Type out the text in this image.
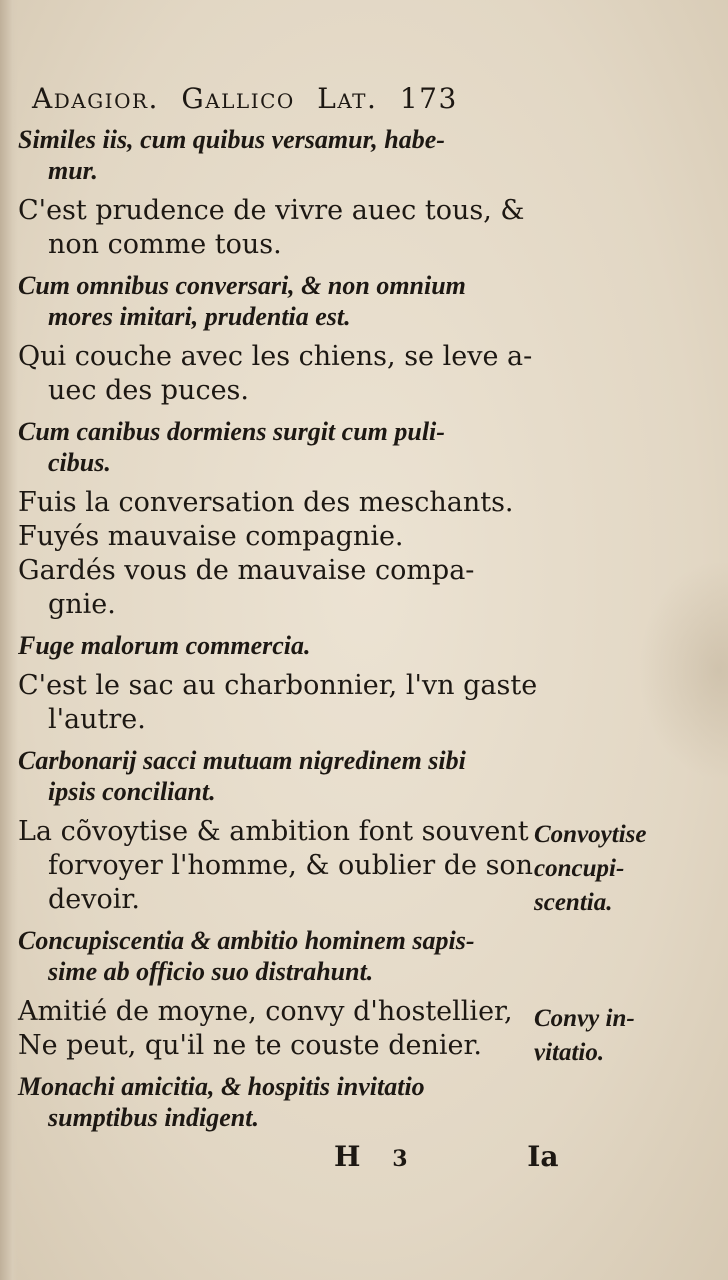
Adagior. Gallico Lat. 173
Similes iis, cum quibus versamur, habe-
mur.
C'est prudence de vivre auec tous, &
non comme tous.
Cum omnibus conversari, & non omnium
mores imitari, prudentia est.
Qui couche avec les chiens, se leve a-
uec des puces.
Cum canibus dormiens surgit cum puli-
cibus.
Fuis la conversation des meschants.
Fuyés mauvaise compagnie.
Gardés vous de mauvaise compa-
gnie.
Fuge malorum commercia.
C'est le sac au charbonnier, l'vn gaste
l'autre.
Carbonarij sacci mutuam nigredinem sibi
ipsis conciliant.
La cõvoytise & ambition font souvent
forvoyer l'homme, & oublier de son
devoir.
Concupiscentia & ambitio hominem sapis-
sime ab officio suo distrahunt.
Amitié de moyne, convy d'hostellier,
Ne peut, qu'il ne te couste denier.
Monachi amicitia, & hospitis invitatio
sumptibus indigent.
Convoytise
concupi-
scentia.
Convy in-
vitatio.
H 3	Ia
